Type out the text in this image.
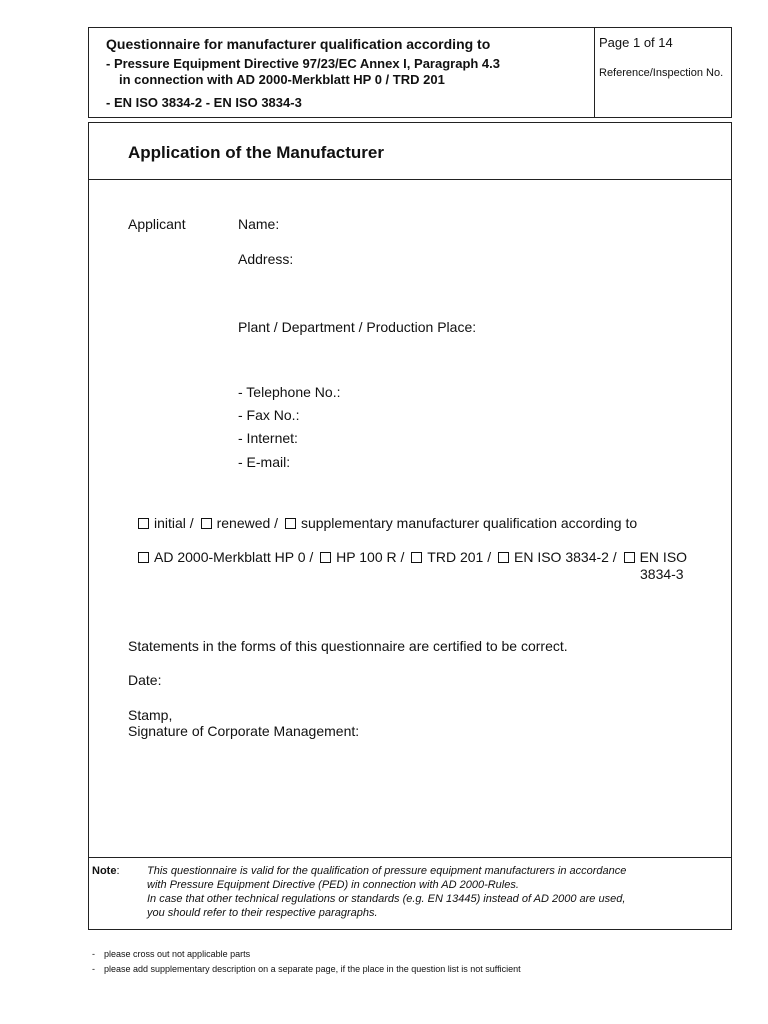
Questionnaire for manufacturer qualification according to
- Pressure Equipment Directive 97/23/EC Annex I, Paragraph 4.3
in connection with AD 2000-Merkblatt HP 0 / TRD 201
- EN ISO 3834-2 - EN ISO 3834-3
Page 1 of 14
Reference/Inspection No.
Application of the Manufacturer
Applicant	Name:
Address:
Plant / Department / Production Place:
- Telephone No.:
- Fax No.:
- Internet:
- E-mail:
initial / renewed / supplementary manufacturer qualification according to
AD 2000-Merkblatt HP 0 / HP 100 R / TRD 201 / EN ISO 3834-2 / EN ISO
3834-3
Statements in the forms of this questionnaire are certified to be correct.
Date:
Stamp,
Signature of Corporate Management:
Note: This questionnaire is valid for the qualification of pressure equipment manufacturers in accordance
with Pressure Equipment Directive (PED) in connection with AD 2000-Rules.
In case that other technical regulations or standards (e.g. EN 13445) instead of AD 2000 are used,
you should refer to their respective paragraphs.
- please cross out not applicable parts
- please add supplementary description on a separate page, if the place in the question list is not sufficient
